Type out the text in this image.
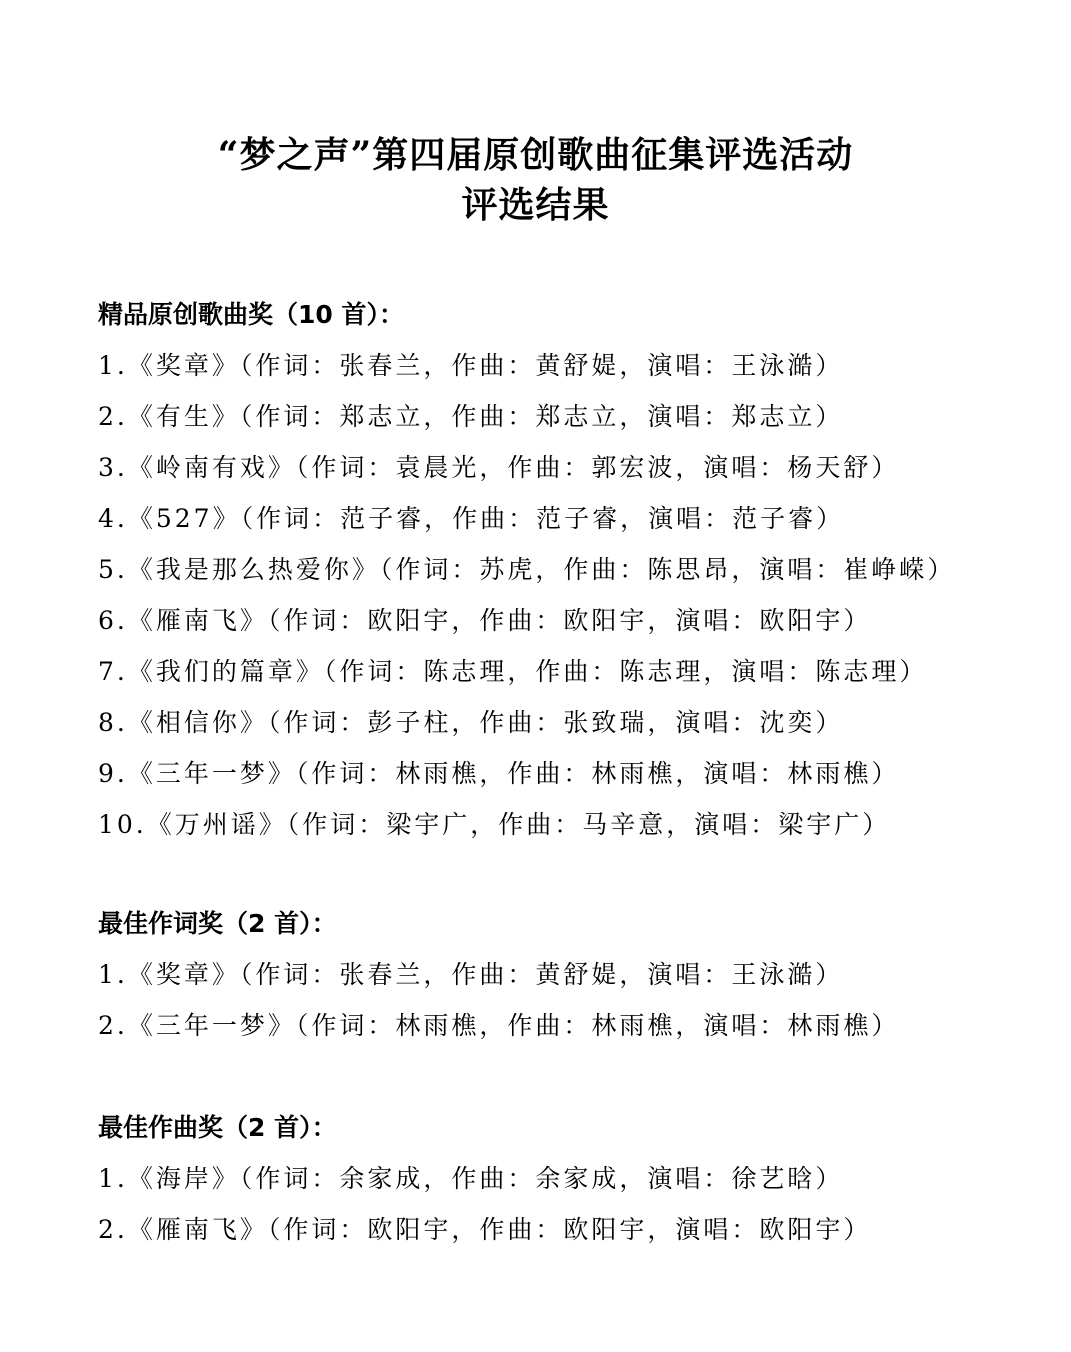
“梦之声”第四届原创歌曲征集评选活动
评选结果
精品原创歌曲奖（10 首）：
1.《奖章》（作词：张春兰，作曲：黄舒媞，演唱：王泳澔）
2.《有生》（作词：郑志立，作曲：郑志立，演唱：郑志立）
3.《岭南有戏》（作词：袁晨光，作曲：郭宏波，演唱：杨天舒）
4.《527》（作词：范子睿，作曲：范子睿，演唱：范子睿）
5.《我是那么热爱你》（作词：苏虎，作曲：陈思昂，演唱：崔峥嵘）
6.《雁南飞》（作词：欧阳宇，作曲：欧阳宇，演唱：欧阳宇）
7.《我们的篇章》（作词：陈志理，作曲：陈志理，演唱：陈志理）
8.《相信你》（作词：彭子柱，作曲：张致瑞，演唱：沈奕）
9.《三年一梦》（作词：林雨樵，作曲：林雨樵，演唱：林雨樵）
10.《万州谣》（作词：梁宇广，作曲：马辛意，演唱：梁宇广）
最佳作词奖（2 首）：
1.《奖章》（作词：张春兰，作曲：黄舒媞，演唱：王泳澔）
2.《三年一梦》（作词：林雨樵，作曲：林雨樵，演唱：林雨樵）
最佳作曲奖（2 首）：
1.《海岸》（作词：余家成，作曲：余家成，演唱：徐艺晗）
2.《雁南飞》（作词：欧阳宇，作曲：欧阳宇，演唱：欧阳宇）
